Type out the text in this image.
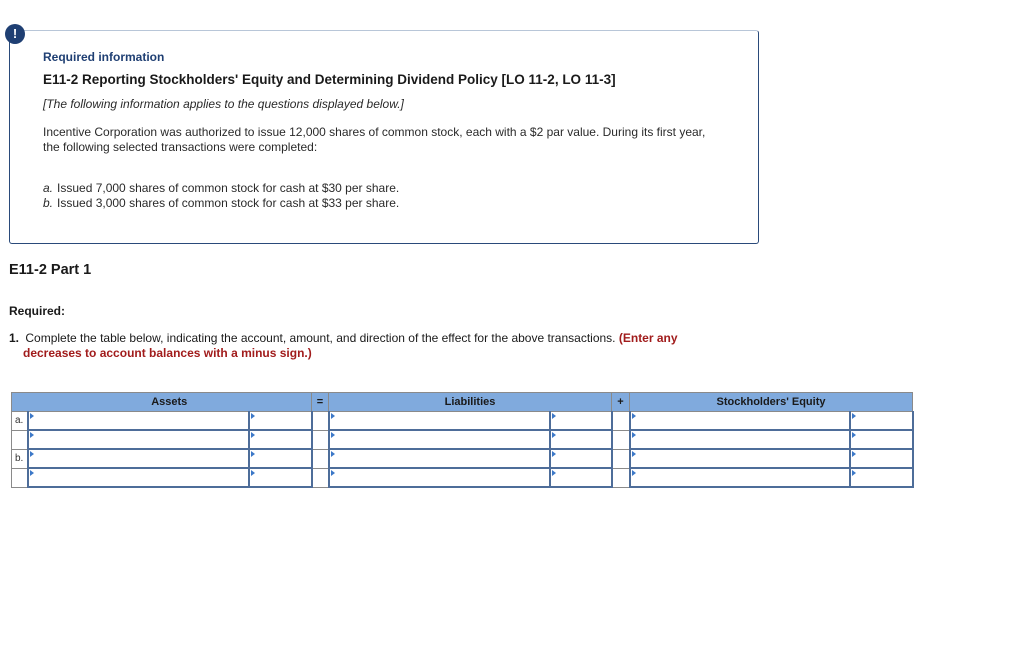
!
Required information
E11-2 Reporting Stockholders' Equity and Determining Dividend Policy [LO 11-2, LO 11-3]
[The following information applies to the questions displayed below.]
Incentive Corporation was authorized to issue 12,000 shares of common stock, each with a $2 par value. During its first year, the following selected transactions were completed:
a. Issued 7,000 shares of common stock for cash at $30 per share.
b. Issued 3,000 shares of common stock for cash at $33 per share.
E11-2 Part 1
Required:
1. Complete the table below, indicating the account, amount, and direction of the effect for the above transactions. (Enter any
decreases to account balances with a minus sign.)
	Assets		=	Liabilities		+	Stockholders' Equity	
a.	

b.	
